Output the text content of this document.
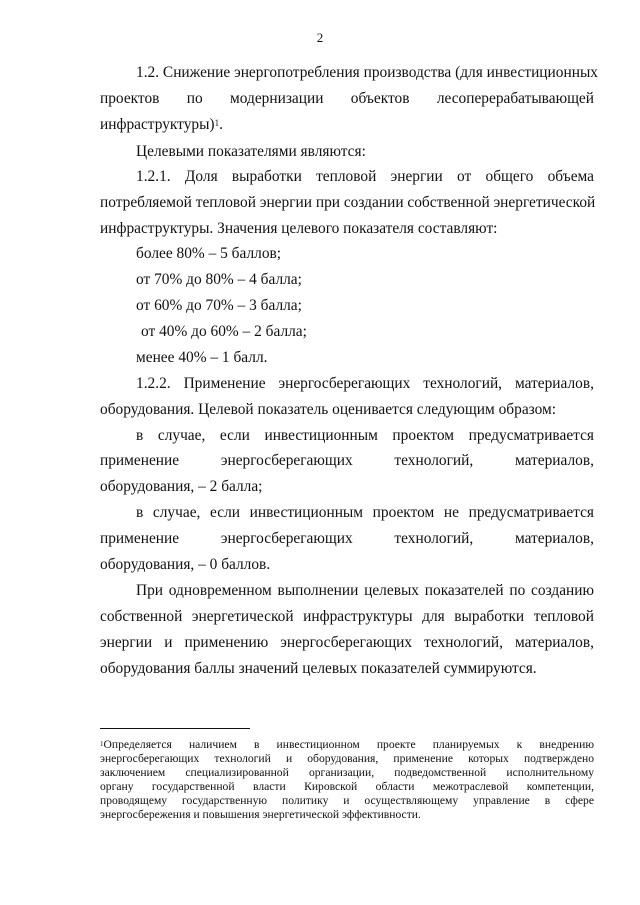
2
1.2. Снижение энергопотребления производства (для инвестиционных
проектов по модернизации объектов лесоперерабатывающей
инфраструктуры)$^1$.
Целевыми показателями являются:
1.2.1. Доля выработки тепловой энергии от общего объема
потребляемой тепловой энергии при создании собственной энергетической
инфраструктуры. Значения целевого показателя составляют:
более 80% – 5 баллов;
от 70% до 80% – 4 балла;
от 60% до 70% – 3 балла;
от 40% до 60% – 2 балла;
менее 40% – 1 балл.
1.2.2. Применение энергосберегающих технологий, материалов,
оборудования. Целевой показатель оценивается следующим образом:
в случае, если инвестиционным проектом предусматривается
применение энергосберегающих технологий, материалов,
оборудования, – 2 балла;
в случае, если инвестиционным проектом не предусматривается
применение энергосберегающих технологий, материалов,
оборудования, – 0 баллов.
При одновременном выполнении целевых показателей по созданию
собственной энергетической инфраструктуры для выработки тепловой
энергии и применению энергосберегающих технологий, материалов,
оборудования баллы значений целевых показателей суммируются.
$^1$Определяется наличием в инвестиционном проекте планируемых к внедрению
энергосберегающих технологий и оборудования, применение которых подтверждено
заключением специализированной организации, подведомственной исполнительному
органу государственной власти Кировской области межотраслевой компетенции,
проводящему государственную политику и осуществляющему управление в сфере
энергосбережения и повышения энергетической эффективности.
